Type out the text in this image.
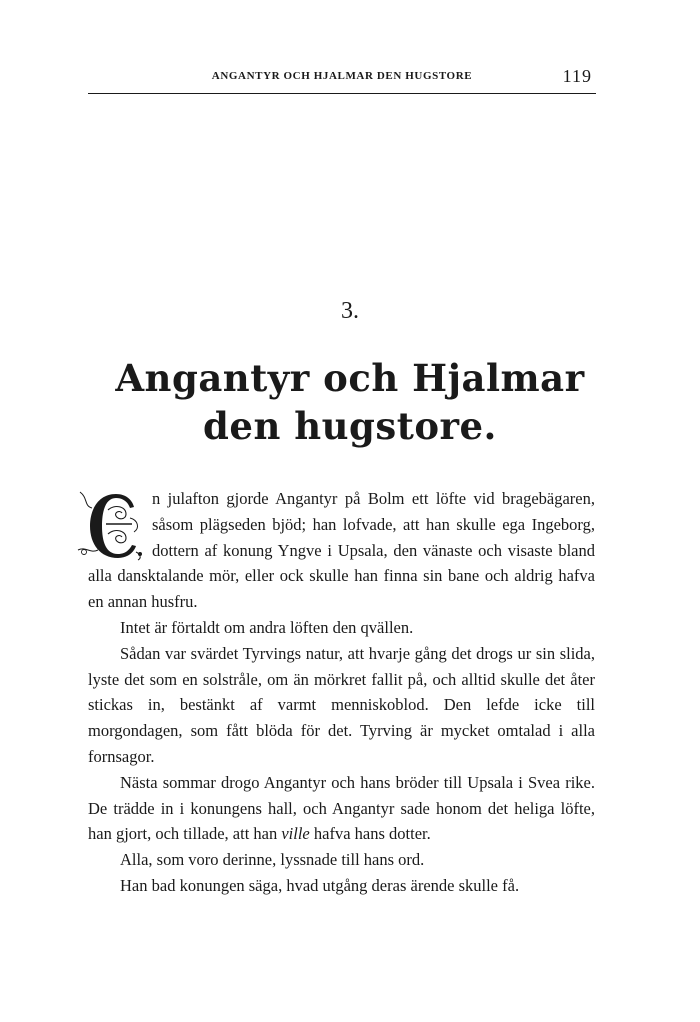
ANGANTYR OCH HJALMAR DEN HUGSTORE	119
3.
Angantyr och Hjalmar den hugstore.

n julafton gjorde Angantyr på Bolm ett löfte vid bragebägaren, såsom plägseden bjöd; han lofvade, att han skulle ega Ingeborg, dottern af konung Yngve i Upsala, den vänaste och visaste bland alla dansktalande mör, eller ock skulle han finna sin bane och aldrig hafva en annan husfru.

Intet är förtaldt om andra löften den qvällen.

Sådan var svärdet Tyrvings natur, att hvarje gång det drogs ur sin slida, lyste det som en solstråle, om än mörkret fallit på, och alltid skulle det åter stickas in, bestänkt af varmt menniskoblod. Den lefde icke till morgondagen, som fått blöda för det. Tyrving är mycket omtalad i alla fornsagor.

Nästa sommar drogo Angantyr och hans bröder till Upsala i Svea rike. De trädde in i konungens hall, och Angantyr sade honom det heliga löfte, han gjort, och tillade, att han ville hafva hans dotter.

Alla, som voro derinne, lyssnade till hans ord.

Han bad konungen säga, hvad utgång deras ärende skulle få.
